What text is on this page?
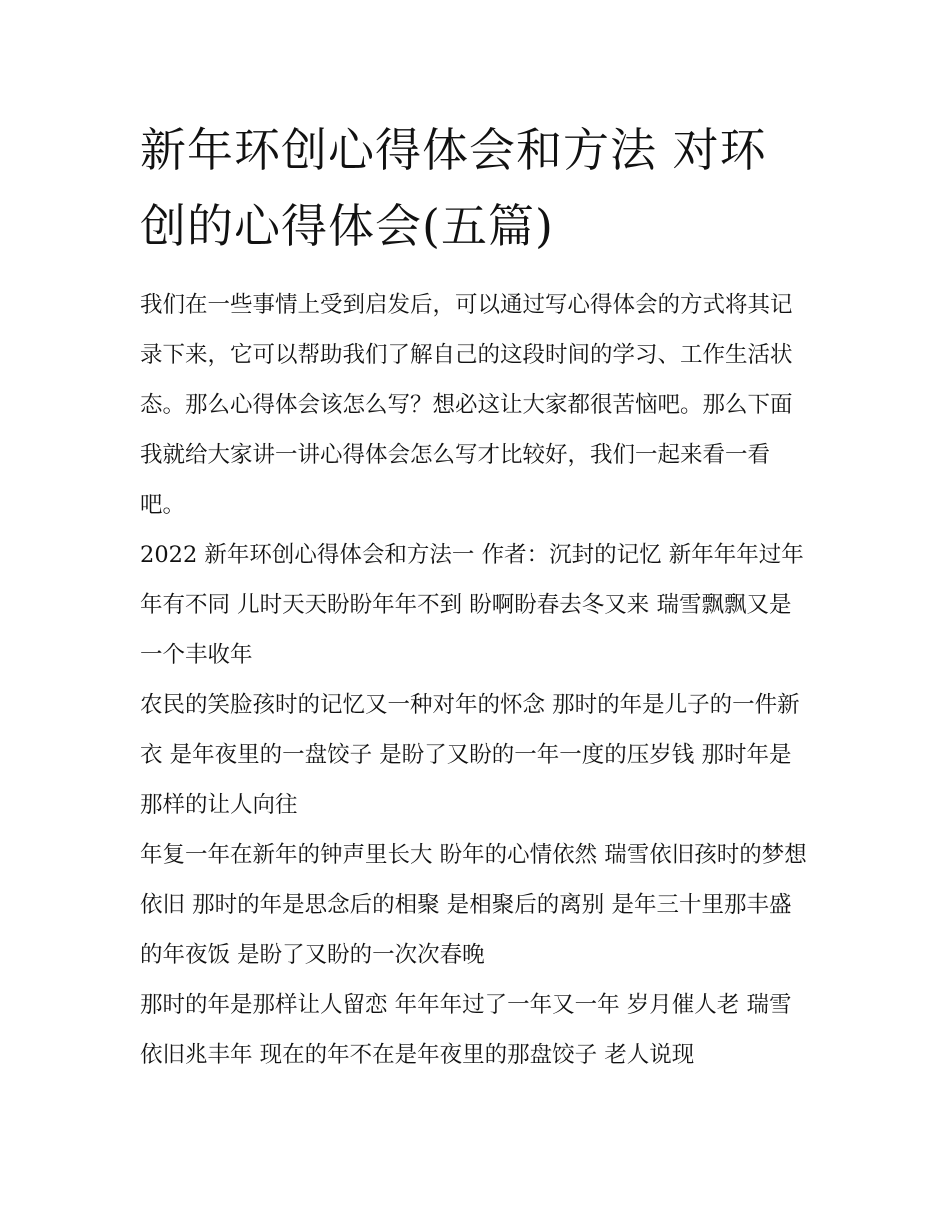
新年环创心得体会和方法 对环创的心得体会(五篇)

我们在一些事情上受到启发后，可以通过写心得体会的方式将其记录下来，它可以帮助我们了解自己的这段时间的学习、工作生活状态。那么心得体会该怎么写？想必这让大家都很苦恼吧。那么下面我就给大家讲一讲心得体会怎么写才比较好，我们一起来看一看吧。

2022 新年环创心得体会和方法一 作者：沉封的记忆 新年年年过年年有不同 儿时天天盼盼年年不到 盼啊盼春去冬又来 瑞雪飘飘又是一个丰收年

农民的笑脸孩时的记忆又一种对年的怀念 那时的年是儿子的一件新衣 是年夜里的一盘饺子 是盼了又盼的一年一度的压岁钱 那时年是那样的让人向往

年复一年在新年的钟声里长大 盼年的心情依然 瑞雪依旧孩时的梦想依旧 那时的年是思念后的相聚 是相聚后的离别 是年三十里那丰盛的年夜饭 是盼了又盼的一次次春晚

那时的年是那样让人留恋 年年年过了一年又一年 岁月催人老 瑞雪依旧兆丰年 现在的年不在是年夜里的那盘饺子 老人说现
